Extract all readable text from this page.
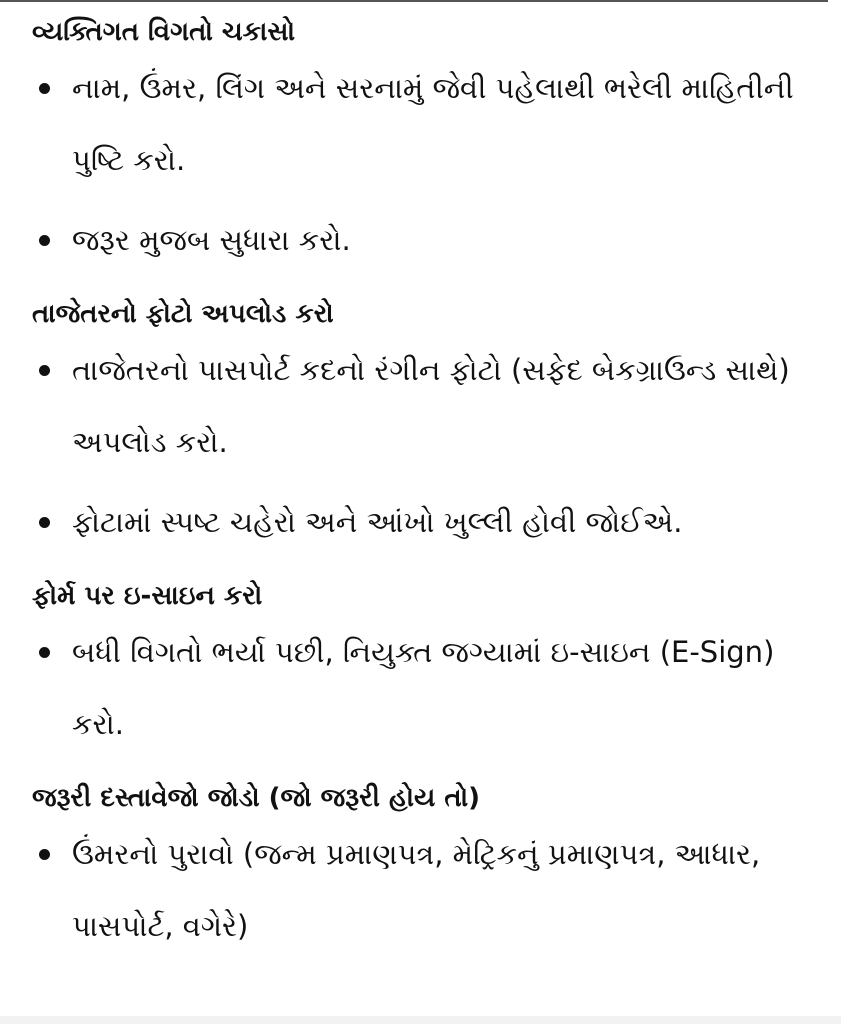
વ્યક્તિગત વિગતો ચકાસો
નામ, ઉંમર, લિંગ અને સરનામું જેવી પહેલાથી ભરેલી માહિતીની પુષ્ટિ કરો.
જરૂર મુજબ સુધારા કરો.
તાજેતરનો ફોટો અપલોડ કરો
તાજેતરનો પાસપોર્ટ કદનો રંગીન ફોટો (સફેદ બેકગ્રાઉન્ડ સાથે) અપલોડ કરો.
ફોટામાં સ્પષ્ટ ચહેરો અને આંખો ખુલ્લી હોવી જોઈએ.
ફોર્મ પર ઇ-સાઇન કરો
બધી વિગતો ભર્યા પછી, નિયુક્ત જગ્યામાં ઇ-સાઇન (E-Sign) કરો.
જરૂરી દસ્તાવેજો જોડો (જો જરૂરી હોય તો)
ઉંમરનો પુરાવો (જન્મ પ્રમાણપત્ર, મેટ્રિકનું પ્રમાણપત્ર, આધાર, પાસપોર્ટ, વગેરે)
